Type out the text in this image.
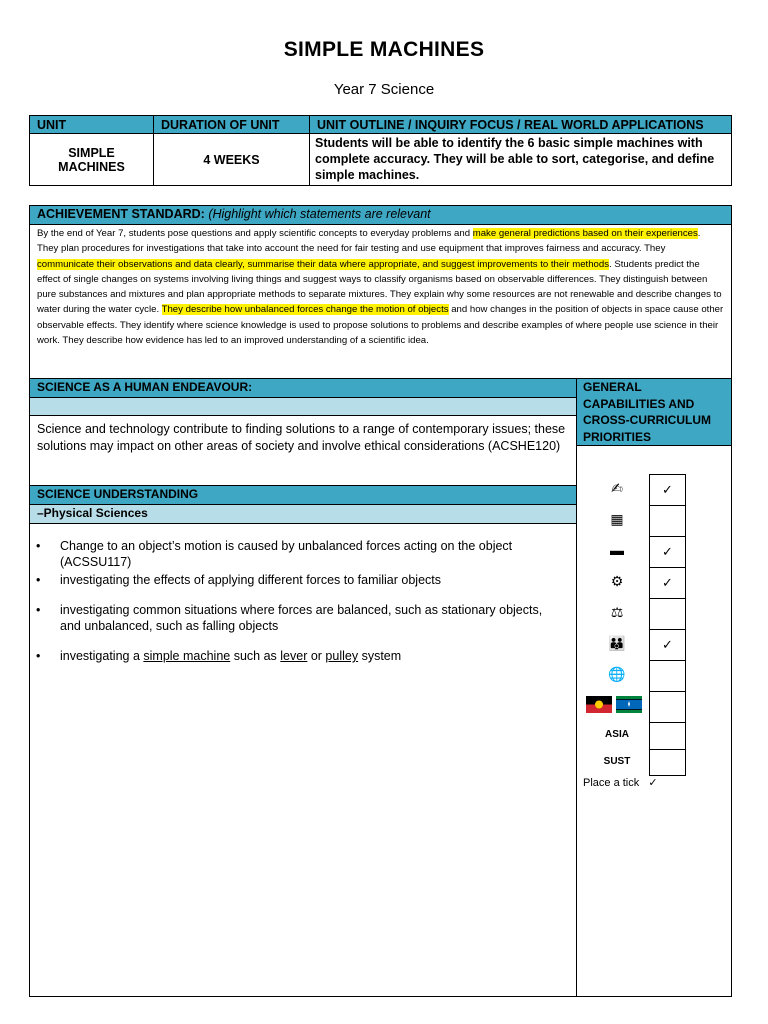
SIMPLE MACHINES
Year 7 Science
UNIT	DURATION OF UNIT	UNIT OUTLINE / INQUIRY FOCUS / REAL WORLD APPLICATIONS

SIMPLE
MACHINES	4 WEEKS	Students will be able to identify the 6 basic simple machines with complete accuracy. They will be able to sort, categorise, and define simple machines.
ACHIEVEMENT STANDARD: (Highlight which statements are relevant
By the end of Year 7, students pose questions and apply scientific concepts to everyday problems and make general predictions based on their experiences. They plan procedures for investigations that take into account the need for fair testing and use equipment that improves fairness and accuracy. They communicate their observations and data clearly, summarise their data where appropriate, and suggest improvements to their methods. Students predict the effect of single changes on systems involving living things and suggest ways to classify organisms based on observable differences. They distinguish between pure substances and mixtures and plan appropriate methods to separate mixtures. They explain why some resources are not renewable and describe changes to water during the water cycle. They describe how unbalanced forces change the motion of objects and how changes in the position of objects in space cause other observable effects. They identify where science knowledge is used to propose solutions to problems and describe examples of where people use science in their work. They describe how evidence has led to an improved understanding of a scientific idea.
SCIENCE AS A HUMAN ENDEAVOUR:
Science and technology contribute to finding solutions to a range of contemporary issues; these solutions may impact on other areas of society and involve ethical considerations (ACSHE120)
SCIENCE UNDERSTANDING
–Physical Sciences
• Change to an object’s motion is caused by unbalanced forces acting on the object (ACSSU117)
• investigating the effects of applying different forces to familiar objects
• investigating common situations where forces are balanced, such as stationary objects, and unbalanced, such as falling objects
• investigating a simple machine such as lever or pulley system
GENERAL CAPABILITIES AND CROSS-CURRICULUM PRIORITIES
✍	✓
▦
▬	✓
⚙	✓
⚖
👪	✓
🌐

ASIA
SUST
Place a tick ✓
